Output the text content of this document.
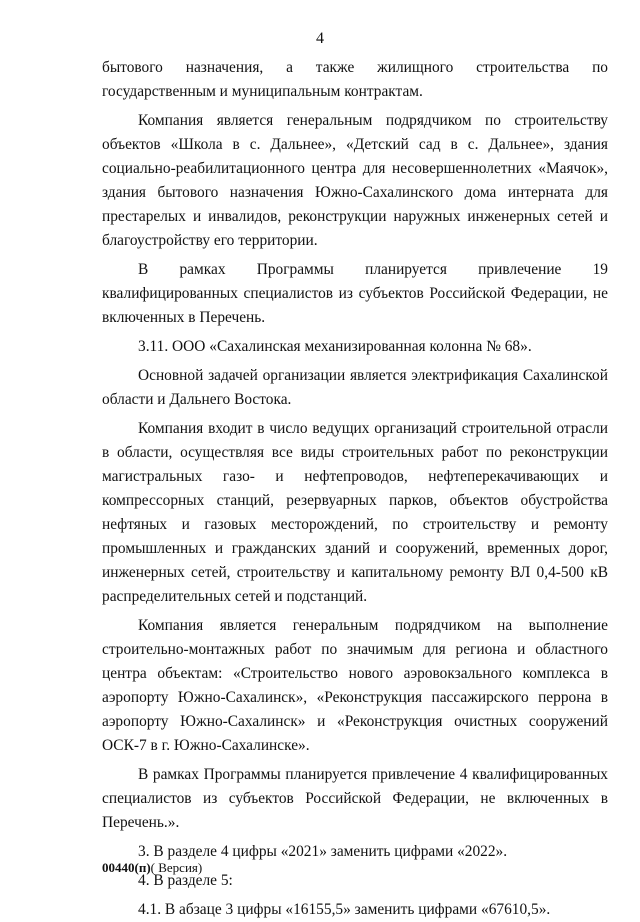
4

бытового назначения, а также жилищного строительства по государственным и муниципальным контрактам.

Компания является генеральным подрядчиком по строительству объектов «Школа в с. Дальнее», «Детский сад в с. Дальнее», здания социально-реабилитационного центра для несовершеннолетних «Маячок», здания бытового назначения Южно-Сахалинского дома интерната для престарелых и инвалидов, реконструкции наружных инженерных сетей и благоустройству его территории.

В рамках Программы планируется привлечение 19 квалифицированных специалистов из субъектов Российской Федерации, не включенных в Перечень.

3.11. ООО «Сахалинская механизированная колонна № 68».

Основной задачей организации является электрификация Сахалинской области и Дальнего Востока.

Компания входит в число ведущих организаций строительной отрасли в области, осуществляя все виды строительных работ по реконструкции магистральных газо- и нефтепроводов, нефтеперекачивающих и компрессорных станций, резервуарных парков, объектов обустройства нефтяных и газовых месторождений, по строительству и ремонту промышленных и гражданских зданий и сооружений, временных дорог, инженерных сетей, строительству и капитальному ремонту ВЛ 0,4-500 кВ распределительных сетей и подстанций.

Компания является генеральным подрядчиком на выполнение строительно-монтажных работ по значимым для региона и областного центра объектам: «Строительство нового аэровокзального комплекса в аэропорту Южно-Сахалинск», «Реконструкция пассажирского перрона в аэропорту Южно-Сахалинск» и «Реконструкция очистных сооружений ОСК-7 в г. Южно-Сахалинске».

В рамках Программы планируется привлечение 4 квалифицированных специалистов из субъектов Российской Федерации, не включенных в Перечень.».

3. В разделе 4 цифры «2021» заменить цифрами «2022».

4. В разделе 5:

4.1. В абзаце 3 цифры «16155,5» заменить цифрами «67610,5».

00440(п)( Версия)
